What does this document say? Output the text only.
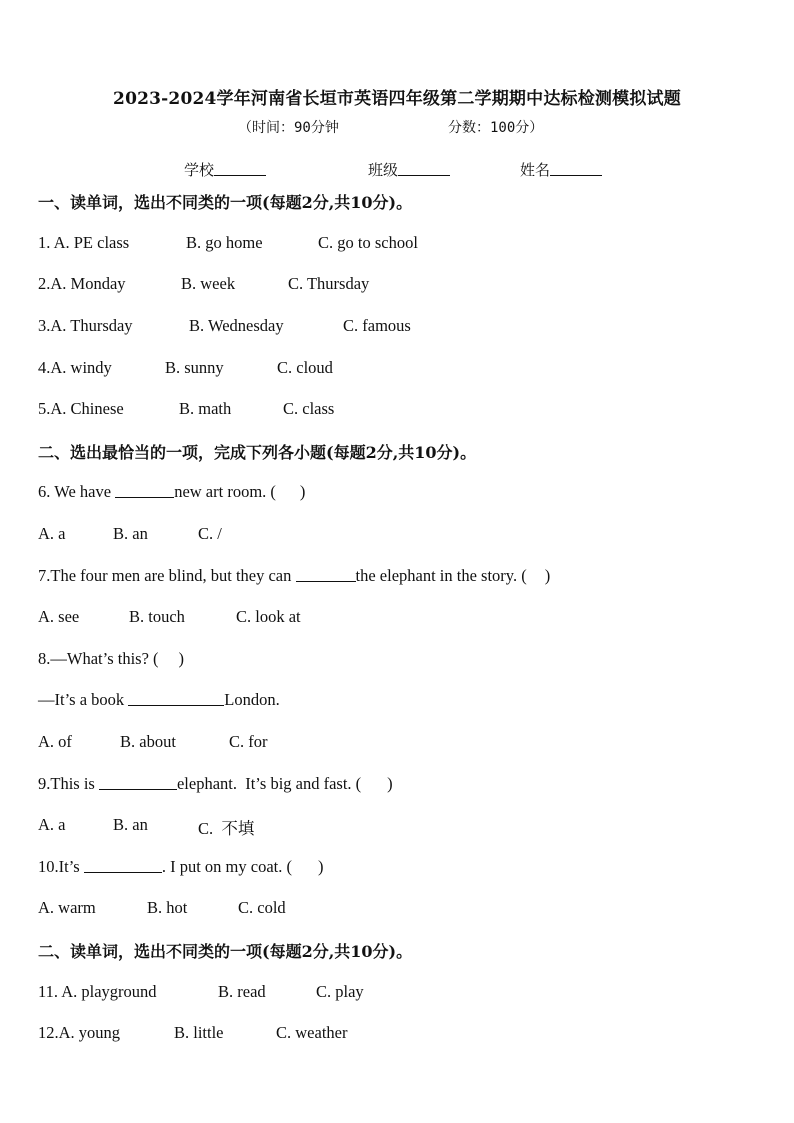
2023-2024学年河南省长垣市英语四年级第二学期期中达标检测模拟试题
（时间：90分钟	分数：100分）
学校	班级	姓名
一、读单词，选出不同类的一项(每题2分,共10分)。
1. A. PE class	B. go home	C. go to school
2.A. Monday	B. week	C. Thursday
3.A. Thursday	B. Wednesday	C. famous
4.A. windy	B. sunny	C. cloud
5.A. Chinese	B. math	C. class
二、选出最恰当的一项，完成下列各小题(每题2分,共10分)。
6. We have	new art room. ( )
A. a	B. an	C. /
7.The four men are blind, but they can	the elephant in the story. ( )
A. see	B. touch	C. look at
8.—What’s this? ( )
—It’s a book	London.
A. of	B. about	C. for
9.This is	elephant.  It’s big and fast. ( )
A. a	B. an	C.  不填
10.It’s	. I put on my coat. ( )
A. warm	B. hot	C. cold
二、读单词，选出不同类的一项(每题2分,共10分)。
11. A. playground	B. read	C. play
12.A. young	B. little	C. weather
